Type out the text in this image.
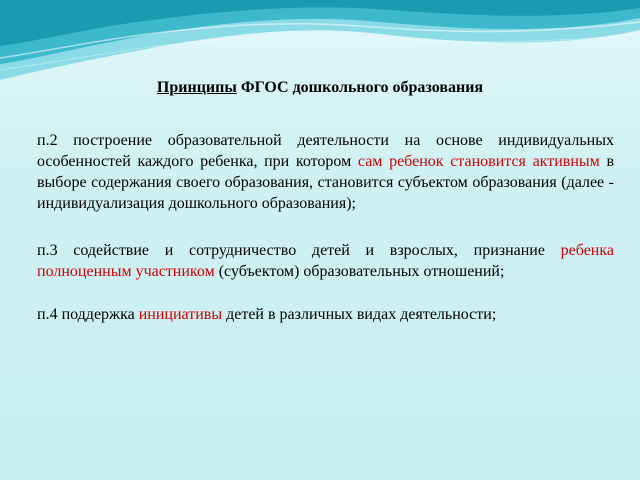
Принципы ФГОС дошкольного образования

п.2 построение образовательной деятельности на основе индивидуальных особенностей каждого ребенка, при котором сам ребенок становится активным в выборе содержания своего образования, становится субъектом образования (далее - индивидуализация дошкольного образования);

п.3 содействие и сотрудничество детей и взрослых, признание ребенка полноценным участником (субъектом) образовательных отношений;

п.4 поддержка инициативы детей в различных видах деятельности;
